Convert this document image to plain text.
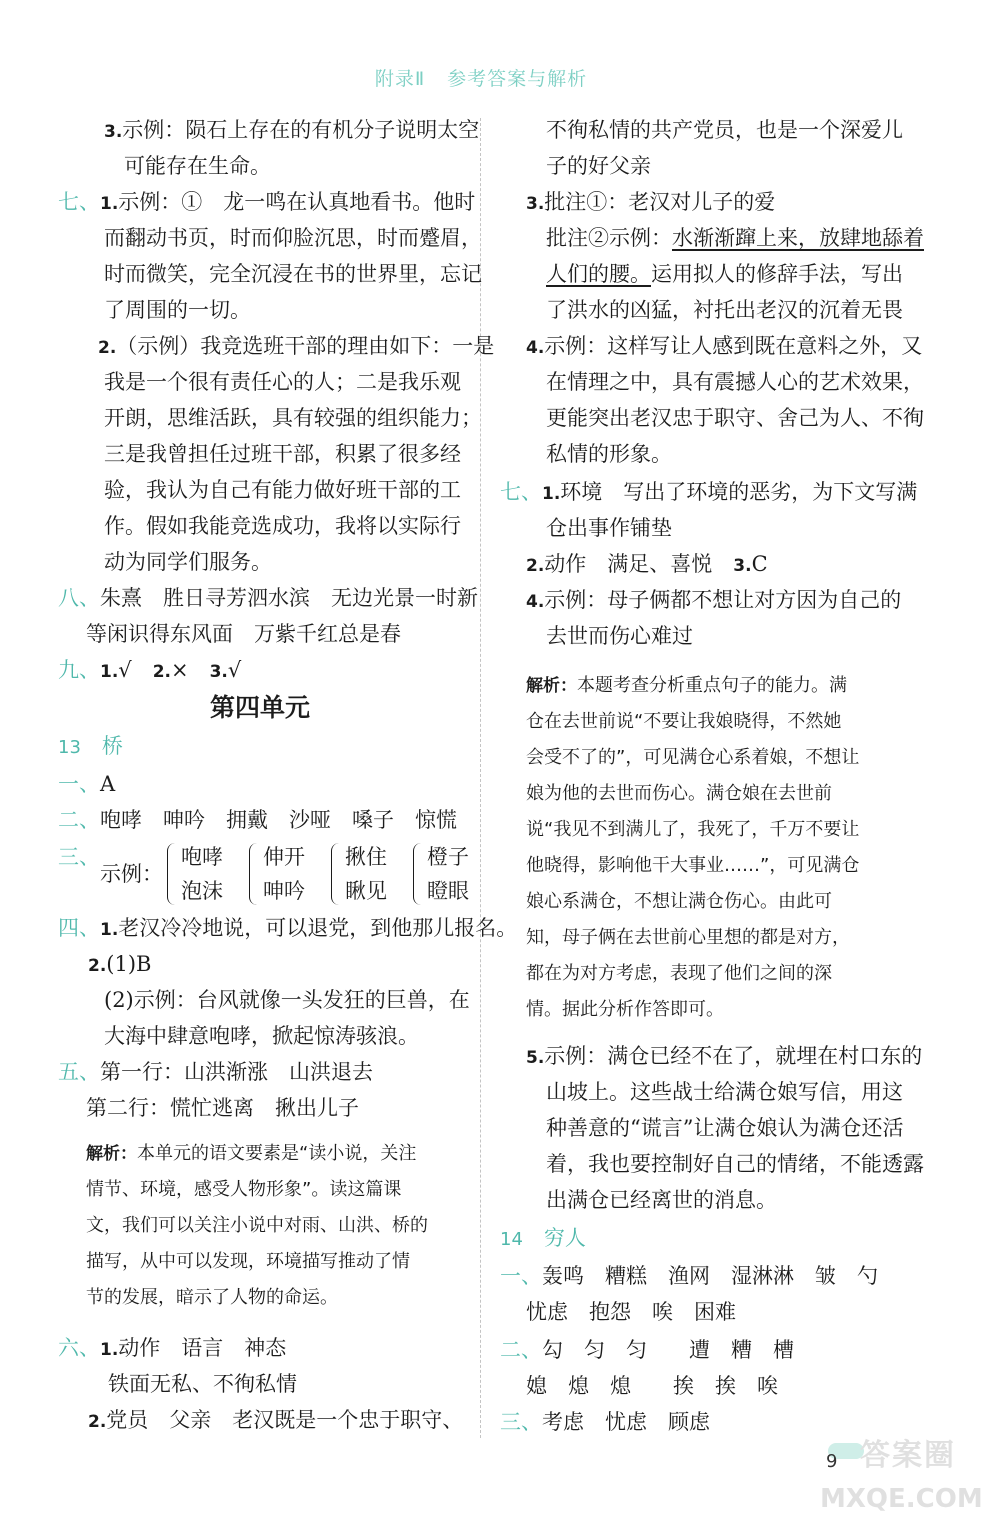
附录Ⅱ 参考答案与解析
3.示例：陨石上存在的有机分子说明太空
可能存在生命。
七、1.示例：①　龙一鸣在认真地看书。他时
而翻动书页，时而仰脸沉思，时而蹙眉，
时而微笑，完全沉浸在书的世界里，忘记
了周围的一切。
2.（示例）我竞选班干部的理由如下：一是
我是一个很有责任心的人；二是我乐观
开朗，思维活跃，具有较强的组织能力；
三是我曾担任过班干部，积累了很多经
验，我认为自己有能力做好班干部的工
作。假如我能竞选成功，我将以实际行
动为同学们服务。
八、朱熹　胜日寻芳泗水滨　无边光景一时新
等闲识得东风面　万紫千红总是春
九、1.√　2.×　3.√
第四单元
13　 桥
一、A
二、咆哮　呻吟　拥戴　沙哑　嗓子　惊慌
三、示例：咆哮
泡沫伸开
呻吟揪住
瞅见橙子
瞪眼
四、1.老汉冷冷地说，可以退党，到他那儿报名。
2.(1)B
(2)示例：台风就像一头发狂的巨兽，在
大海中肆意咆哮，掀起惊涛骇浪。
五、第一行：山洪渐涨　山洪退去
第二行：慌忙逃离　揪出儿子
解析：本单元的语文要素是“读小说，关注
情节、环境，感受人物形象”。读这篇课
文，我们可以关注小说中对雨、山洪、桥的
描写，从中可以发现，环境描写推动了情
节的发展，暗示了人物的命运。
六、1.动作　语言　神态
铁面无私、不徇私情
2.党员　父亲　老汉既是一个忠于职守、
不徇私情的共产党员，也是一个深爱儿
子的好父亲
3.批注①：老汉对儿子的爱
批注②示例：水渐渐蹿上来，放肆地舔着
人们的腰。运用拟人的修辞手法，写出
了洪水的凶猛，衬托出老汉的沉着无畏
4.示例：这样写让人感到既在意料之外，又
在情理之中，具有震撼人心的艺术效果，
更能突出老汉忠于职守、舍己为人、不徇
私情的形象。
七、1.环境　写出了环境的恶劣，为下文写满
仓出事作铺垫
2.动作　满足、喜悦　3.C
4.示例：母子俩都不想让对方因为自己的
去世而伤心难过
解析：本题考查分析重点句子的能力。满
仓在去世前说“不要让我娘晓得，不然她
会受不了的”，可见满仓心系着娘，不想让
娘为他的去世而伤心。满仓娘在去世前
说“我见不到满儿了，我死了，千万不要让
他晓得，影响他干大事业……”，可见满仓
娘心系满仓，不想让满仓伤心。由此可
知，母子俩在去世前心里想的都是对方，
都在为对方考虑，表现了他们之间的深
情。据此分析作答即可。
5.示例：满仓已经不在了，就埋在村口东的
山坡上。这些战士给满仓娘写信，用这
种善意的“谎言”让满仓娘认为满仓还活
着，我也要控制好自己的情绪，不能透露
出满仓已经离世的消息。
14　 穷人
一、轰鸣　糟糕　渔网　湿淋淋　皱　勺
忧虑　抱怨　唉　困难
二、勾　匀　匀　　遭　糟　槽
媳　熄　熄　　挨　挨　唉
三、考虑　忧虑　顾虑
9 答案圈
MXQE.COM
